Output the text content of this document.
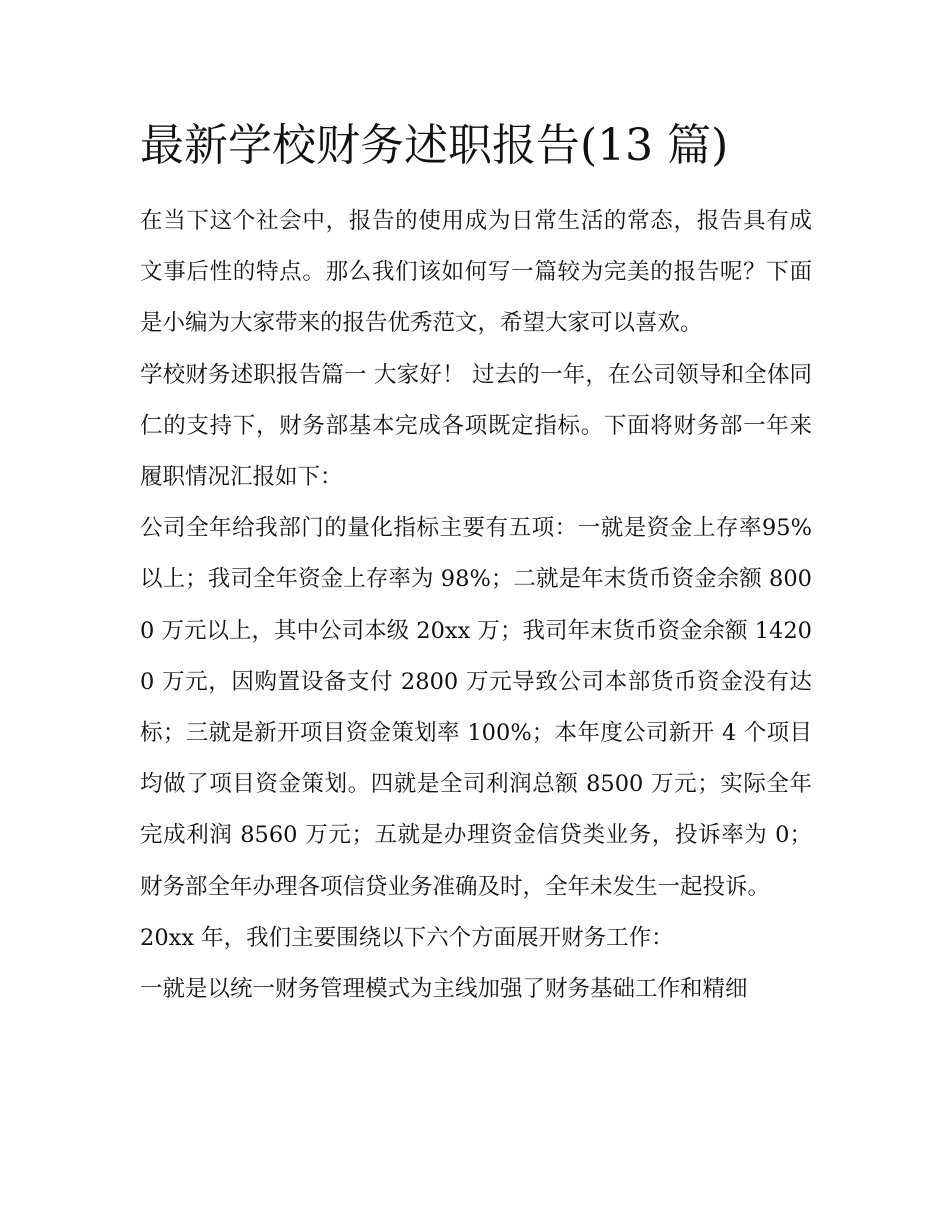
最新学校财务述职报告(13 篇)

在当下这个社会中，报告的使用成为日常生活的常态，报告具有成文事后性的特点。那么我们该如何写一篇较为完美的报告呢？下面是小编为大家带来的报告优秀范文，希望大家可以喜欢。

学校财务述职报告篇一 大家好！ 过去的一年，在公司领导和全体同仁的支持下，财务部基本完成各项既定指标。下面将财务部一年来履职情况汇报如下：

公司全年给我部门的量化指标主要有五项：一就是资金上存率95%以上；我司全年资金上存率为 98%；二就是年末货币资金余额 8000 万元以上，其中公司本级 20xx 万；我司年末货币资金余额 14200 万元，因购置设备支付 2800 万元导致公司本部货币资金没有达标；三就是新开项目资金策划率 100%；本年度公司新开 4 个项目均做了项目资金策划。四就是全司利润总额 8500 万元；实际全年完成利润 8560 万元；五就是办理资金信贷类业务，投诉率为 0；财务部全年办理各项信贷业务准确及时，全年未发生一起投诉。

20xx 年，我们主要围绕以下六个方面展开财务工作：

一就是以统一财务管理模式为主线加强了财务基础工作和精细
